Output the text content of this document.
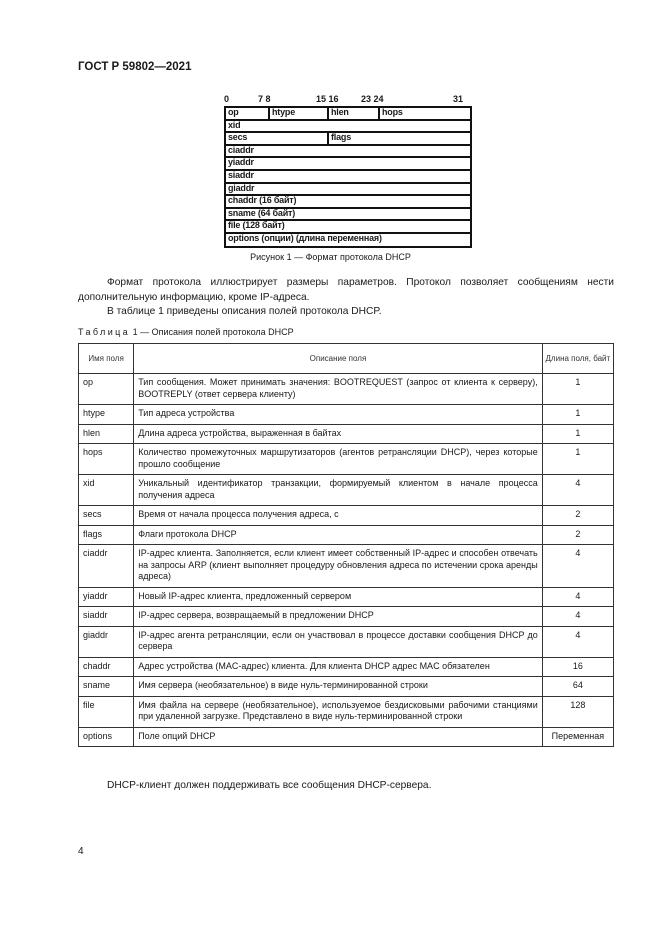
ГОСТ Р 59802—2021
0	7 8	15 16 23 24	31
op	htype	hlen	hops
xid
secs	flags
ciaddr
yiaddr
siaddr
giaddr
chaddr (16 байт)
sname (64 байт)
file (128 байт)
options (опции) (длина переменная)
Рисунок 1 — Формат протокола DHCP

Формат протокола иллюстрирует размеры параметров. Протокол позволяет сообщениям нести дополнительную информацию, кроме IP-адреса.

В таблице 1 приведены описания полей протокола DHCP.

Таблица 1 — Описания полей протокола DHCP
Имя поля	Описание поля	Длина поля, байт
op	Тип сообщения. Может принимать значения: BOOTREQUEST (запрос от клиента к серверу), BOOTREPLY (ответ сервера клиенту)	1
htype	Тип адреса устройства	1
hlen	Длина адреса устройства, выраженная в байтах	1
hops	Количество промежуточных маршрутизаторов (агентов ретрансляции DHCP), через которые прошло сообщение	1
xid	Уникальный идентификатор транзакции, формируемый клиентом в начале процесса получения адреса	4
secs	Время от начала процесса получения адреса, с	2
flags	Флаги протокола DHCP	2
ciaddr	IP-адрес клиента. Заполняется, если клиент имеет собственный IP-адрес и способен отвечать на запросы ARP (клиент выполняет процедуру обновления адреса по истечении срока аренды адреса)	4
yiaddr	Новый IP-адрес клиента, предложенный сервером	4
siaddr	IP-адрес сервера, возвращаемый в предложении DHCP	4
giaddr	IP-адрес агента ретрансляции, если он участвовал в процессе доставки сообщения DHCP до сервера	4
chaddr	Адрес устройства (MAC-адрес) клиента. Для клиента DHCP адрес MAC обязателен	16
sname	Имя сервера (необязательное) в виде нуль-терминированной строки	64
file	Имя файла на сервере (необязательное), используемое бездисковыми рабочими станциями при удаленной загрузке. Представлено в виде нуль-терминированной строки	128
options	Поле опций DHCP	Переменная

DHCP-клиент должен поддерживать все сообщения DHCP-сервера.

4
